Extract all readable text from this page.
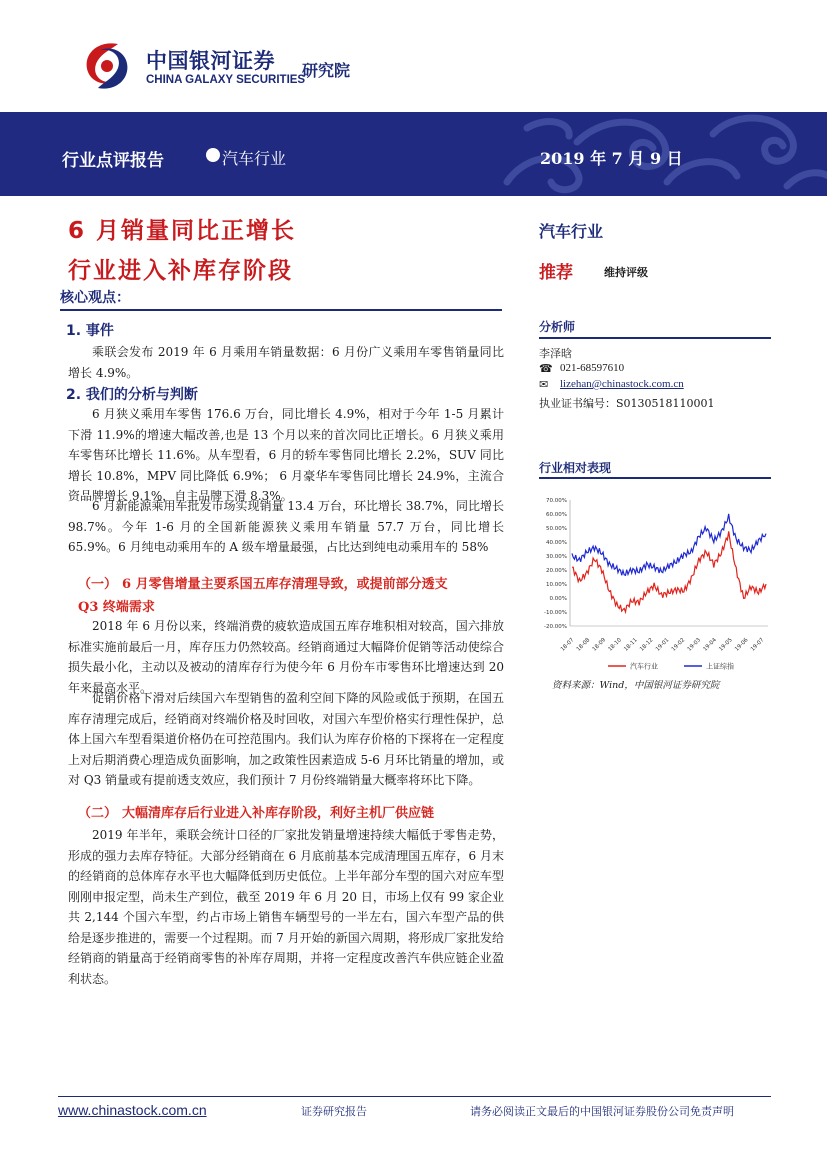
中国银河证券
CHINA GALAXY SECURITIES
研究院
行业点评报告	汽车行业	2019 年 7 月 9 日
6 月销量同比正增长
行业进入补库存阶段
核心观点：
1. 事件
乘联会发布 2019 年 6 月乘用车销量数据：6 月份广义乘用车零售销量同比增长 4.9%。
2. 我们的分析与判断
6 月狭义乘用车零售 176.6 万台，同比增长 4.9%，相对于今年 1-5 月累计下滑 11.9%的增速大幅改善,也是 13 个月以来的首次同比正增长。6 月狭义乘用车零售环比增长 11.6%。从车型看，6 月的轿车零售同比增长 2.2%，SUV 同比增长 10.8%，MPV 同比降低 6.9%； 6 月豪华车零售同比增长 24.9%，主流合资品牌增长 9.1%，自主品牌下滑 8.3%。
6 月新能源乘用车批发市场实现销量 13.4 万台，环比增长 38.7%，同比增长 98.7%。今年 1-6 月的全国新能源狭义乘用车销量 57.7 万台，同比增长 65.9%。6 月纯电动乘用车的 A 级车增量最强，占比达到纯电动乘用车的 58%
（一） 6 月零售增量主要系国五库存清理导致，或提前部分透支
Q3 终端需求
2018 年 6 月份以来，终端消费的疲软造成国五库存堆积相对较高，国六排放标准实施前最后一月，库存压力仍然较高。经销商通过大幅降价促销等活动使综合损失最小化，主动以及被动的清库存行为使今年 6 月份车市零售环比增速达到 20 年来最高水平。
促销价格下滑对后续国六车型销售的盈利空间下降的风险或低于预期，在国五库存清理完成后，经销商对终端价格及时回收，对国六车型价格实行理性保护，总体上国六车型看渠道价格仍在可控范围内。我们认为库存价格的下探将在一定程度上对后期消费心理造成负面影响，加之政策性因素造成 5-6 月环比销量的增加，或对 Q3 销量或有提前透支效应，我们预计 7 月份终端销量大概率将环比下降。
（二） 大幅清库存后行业进入补库存阶段，利好主机厂供应链
2019 年半年，乘联会统计口径的厂家批发销量增速持续大幅低于零售走势，形成的强力去库存特征。大部分经销商在 6 月底前基本完成清理国五库存，6 月末的经销商的总体库存水平也大幅降低到历史低位。上半年部分车型的国六对应车型刚刚申报定型，尚未生产到位，截至 2019 年 6 月 20 日，市场上仅有 99 家企业共 2,144 个国六车型，约占市场上销售车辆型号的一半左右，国六车型产品的供给是逐步推进的，需要一个过程期。而 7 月开始的新国六周期，将形成厂家批发给经销商的销量高于经销商零售的补库存周期，并将一定程度改善汽车供应链企业盈利状态。
汽车行业
推荐	维持评级
分析师
李泽晗
☎ 021-68597610
✉ lizehan@chinastock.com.cn
执业证书编号：S0130518110001
行业相对表现
70.00%
60.00%
50.00%
40.00%
30.00%
20.00%
10.00%
0.00%
-10.00%
-20.00%
18-07 18-08 18-09 18-10 18-11 18-12 19-01 19-02 19-03 19-04 19-05 19-06 19-07
汽车行业	上证综指
资料来源：Wind，中国银河证券研究院
www.chinastock.com.cn	证券研究报告	请务必阅读正文最后的中国银河证券股份公司免责声明
